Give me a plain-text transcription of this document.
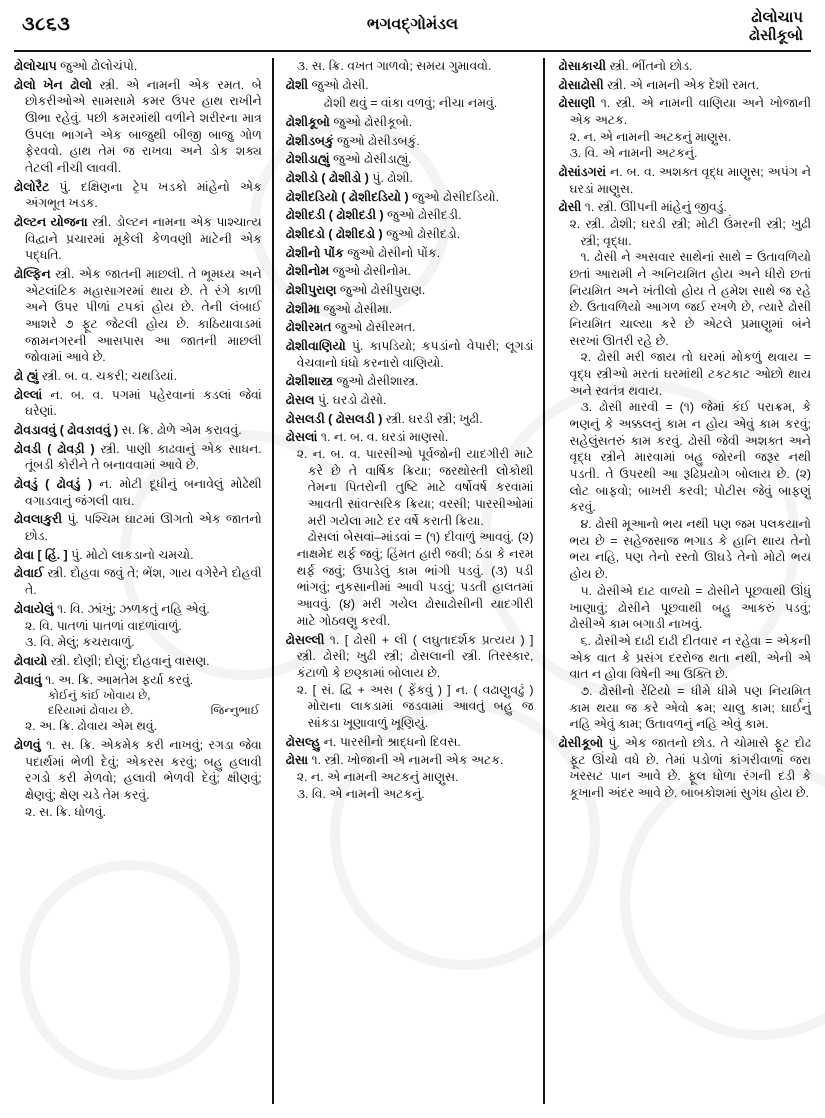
૩૮૬૩	ભગવદ્ગોમંડલ	ઢોલોચાપ
ઢોસીકૂબો

ઢોલોચાપ જુઓ ઢોલોચંપો.

ઢોલો ખેન ઢોલો સ્ત્રી. એ નામની એક રમત. બે છોકરીઓએ સામસામે કમર ઉપર હાથ રાખીને ઊભા રહેવું. પછી કમરમાંથી વળીને શરીરના માત્ર ઉપલા ભાગને એક બાજુથી બીજી બાજુ ગોળ ફેરવવો. હાથ તેમ જ રાખવા અને ડોક શક્ય તેટલી નીચી લાવવી.

ઢોલોરૈટ પું. દક્ષિણના ટ્રેપ ખડકો માંહેનો એક અંગભૂત ખડક.

ઢોલ્ટન યોજના સ્ત્રી. ડોલ્ટન નામના એક પાશ્ચાત્ય વિદ્વાને પ્રચારમાં મૂકેલી કેળવણી માટેની એક પદ્ધતિ.

ઢોલ્ફિન સ્ત્રી. એક જાતની માછલી. તે ભૂમધ્ય અને એટલાંટિક મહાસાગરમાં થાય છે. તે રંગે કાળી અને ઉપર પીળાં ટપકાં હોય છે. તેની લંબાઈ આશરે ૭ ફૂટ જેટલી હોય છે. કાઠિયાવાડમાં જામનગરની આસપાસ આ જાતની માછલી જોવામાં આવે છે.

ઢો હ્યું સ્ત્રી. બ. વ. ચકરી; ચથડિયાં.

ઢોલ્લાં ન. બ. વ. પગમાં પહેરવાનાં કડલાં જેવાં ઘરેણાં.

ઢોવડાવવું ( ઢોવઙાવવું ) સ. ક્રિ. ઢોળે એમ કરાવવું.

ઢોવડી ( ઢોવડ઼ી ) સ્ત્રી. પાણી કાઢવાનું એક સાધન. તૂંબડી કોરીને તે બનાવવામાં આવે છે.

ઢોવડું ( ઢોવડું ) ન. મોટી દૂધીનું બનાવેલું મોઢેથી વગાડવાનું જંગલી વાઘ.

ઢોવલાકુરી પું. પશ્ચિમ ઘાટમાં ઊગતો એક જાતનો છોડ.

ઢોવા [ હિં. ] પું. મોટો લાકડાનો ચમચો.

ઢોવાઈ સ્ત્રી. દોહવા જવું તે; ભેંશ, ગાય વગેરેને દોહવી તે.

ઢોવાયેલું ૧. વિ. ઝાંખું; ઝળકતું નહિ એવું.

૨. વિ. પાતળાં પાતળાં વાદળાંવાળું.

૩. વિ. મેલું; કચરાવાળું.

ઢોવાયો સ્ત્રી. દોણી; દોણું; દોહવાનું વાસણ.

ઢોવાવું ૧. અ. ક્રિ. આમતેમ ફર્યા કરવું.

કોઈનું કાંઈ ખોવાય છે,

જિન્નુભાઈ
દરિયામાં ઢોવાય છે.

૨. અ. ક્રિ. ઢોવાય એમ થવું.

ઢોળવું ૧. સ. ક્રિ. એકમેક કરી નાખવું; રગડા જેવા પદાર્થમાં ભેળી દેવું; એકરસ કરવું; બહુ હલાવી રગડો કરી મેળવો; હલાવી ભેળવી દેવું; ક્ષીણવું; ક્ષેણવું; ક્ષેણ ચડે તેમ કરવું.

૨. સ. ક્રિ. ધોળવું.

૩. સ. ક્રિ. વખત ગાળવો; સમય ગુમાવવો.

ઢોશી જુઓ ઢોસી.

ઢોશી થવું = વાંકા વળવું; નીચા નમવું.

ઢોશીકૂબો જુઓ ઢોસીકૂબો.

ઢોશીડબકું જુઓ ઢોસીડબકું.

ઢોશીડાહ્યું જુઓ ઢોસીડાહ્યું.

ઢોશીડો ( ઢોશીડો ) પું. ઢોશી.

ઢોશીદડિયો ( ઢોશીદડિયો ) જુઓ ઢોસીદડિયો.

ઢોશીદડી ( ઢોશીદડી ) જુઓ ઢોસીદડી.

ઢોશીદડો ( ઢોશીદડો ) જુઓ ઢોસીદડો.

ઢોશીનો પોંક જુઓ ઢોસીનો પોંક.

ઢોશીનોમ જુઓ ઢોસીનોમ.

ઢોશીપુરાણ જુઓ ઢોસીપુરાણ.

ઢોશીમા જુઓ ઢોસીમા.

ઢોશીરમત જુઓ ઢોસીરમત.

ઢોશીવાણિયો પું. કાપડિયો; કપડાંનો વેપારી; લૂગડાં વેચવાનો ધંધો કરનારો વાણિયો.

ઢોશીશાસ્ત્ર જુઓ ઢોસીશાસ્ત્ર.

ઢોસલ પું. ઘરડો ઢોસો.

ઢોસલડી ( ઢોસલડી ) સ્ત્રી. ઘરડી સ્ત્રી; ખુઢી.

ઢોસલાં ૧. ન. બ. વ. ઘરડાં માણસો.

૨. ન. બ. વ. પારસીઓ પૂર્વજોની યાદગીરી માટે કરે છે તે વાર્ષિક ક્રિયા; જરથોસ્તી લોકોથી તેમના પિતરોની તુષ્ટિ માટે વર્ષોવર્ષ કરવામાં આવતી સાંવત્સરિક ક્રિયા; વરસી; પારસીઓમાં મરી ગયેલા માટે દર વર્ષે કરાતી ક્રિયા.

ઢોસલાં બેસવાં–માંડવાં = (૧) દીવાળું આવવું. (૨) નાક્ષમેદ થર્ફ જવું; હિંમત હારી જવી; ઠંડા કે નરમ થર્ફ જવું; ઉપાડેલું કામ ભાંગી પડવું. (૩) પડી ભાંગવું; નુકસાનીમાં આવી પડવું; પડતી હાલતમાં આવવું. (૪) મરી ગયેલ ઢોસાઢોસીની યાદગીરી માટે ગોઠવણુ કરવી.

ઢોસલ્લી ૧. [ ઢોસી + લી ( લઘુતાદર્શક પ્રત્યય ) ] સ્ત્રી. ઢોસી; ખુઢી સ્ત્રી; ઢોસલાની સ્ત્રી. તિરસ્કાર, કંટાળો કે છણ્કામાં બોલાય છે.

૨. [ સં. દ્વિ + અસ ( ફેંકવું ) ] ન. ( વઢાણુવઢું ) મોરાના લાકડામાં જડવામાં આવતું બહુ જ સાંકડા ખૂણાવાળું ખૂણિયું.

ઢોસલ્હુ ન. પારસીનો શ્રાદ્ધનો દિવસ.

ઢોસા ૧. સ્ત્રી. ખોજાની એ નામની એક અટક.

૨. ન. એ નામની અટકનું માણુસ.

૩. વિ. એ નામની અટકનું.

ઢોસાકાચી સ્ત્રી. ભીંતનો છોડ.

ઢોસાઢોસી સ્ત્રી. એ નામની એક દેશી રમત.

ઢોસાણી ૧. સ્ત્રી. એ નામની વાણિયા અને ખોજાની એક અટક.

૨. ન. એ નામની અટકનું માણુસ.

૩. વિ. એ નામની અટકનું.

ઢોસાંડગરાં ન. બ. વ. અશક્ત વૃદ્ધ માણુસ; અપંગ ને ઘરડાં માણુસ.

ઢોસી ૧. સ્ત્રી. ઊીપની માંહેનું જીવડું.

૨. સ્ત્રી. ઢોશી; ઘરડી સ્ત્રી; મોટી ઉંમરની સ્ત્રી; ખુઢી સ્ત્રી; વૃદ્ધા.

૧. ઢોસી ને અસવાર સાથેનાં સાથે = ઉતાવળિયો છતાં આરામી ને અનિયમિત હોય અને ધીરો છતાં નિયમિત અને ખંતીલો હોય તે હમેશ સાથે જ રહે છે. ઉતાવળિયો આગળ જઈ રખળે છે, ત્યારે ઢોસી નિયમિત ચાલ્યા કરે છે એટલે પ્રમાણુમાં બંને સરખાં ઊતરી રહે છે.

૨. ઢોસી મરી જાય તો ઘરમાં મોકળું થવાય = વૃદ્ધ સ્ત્રીઓ મરતાં ઘરમાંથી ટકટકાટ ઓછો થાય અને સ્વતંત્ર થવાય.

૩. ઢોસી મારવી = (૧) જેમાં કંઈ પરાક્રમ, કે ભણનું કે અક્કલનું કામ ન હોય એવું કામ કરવું; સહેલુંસતરું કામ કરવું. ઢોસી જેવી અશક્ત અને વૃદ્ધ સ્ત્રીને મારવામાં બહુ જોરની જરૂર નથી પડતી. તે ઉપરથી આ રૂઢિપ્રયોગ બોલાય છે. (૨) લોટ બાફવો; બાખરી કરવી; પોટીસ જેવું બાફણું કરવું.

૪. ઢોસી મૂઆનો ભય નથી પણ જમ પલકયાનો ભય છે = સહેજસાજ ભગાડ કે હાનિ થાય તેનો ભય નહિ, પણ તેનો રસ્તો ઊઘડે તેનો મોટો ભય હોય છે.

૫. ઢોસીએ દાટ વાળ્યો = ઢોસીને પૂછવાથી ઊંધું ખાણાવું; ઢોસીને પૂછવાથી બહુ આકરું પડવું; ઢોસીએ કામ બગાડી નાખવું.

૬. ઢોસીએ દાઢી દાઢી દીતવાર ન રહેવા = એકની એક વાત કે પ્રસંગ દરરોજ થતા નથી, એની એ વાત ન હોવા વિષેની આ ઉક્તિ છે.

૭. ઢોસીનો રેંટિયો = ધીમે ધીમે પણ નિયમિત કામ થયા જ કરે એવો ક્રમ; ચાલુ કામ; ઘાર્ઈનું નહિ એવું કામ; ઉતાવળનું નહિ એવું કામ.

ઢોસીકૂબો પું. એક જાતનો છોડ. તે ચોમાસે ફૂટ દોઢ ફૂટ ઊંચો વધે છે. તેમાં પડોળાં કાંગરીવાળાં જરા ખરસટ પાન આવે છે. ફૂલ ધોળા રંગની દડી કે કૂખાની અંદર આવે છે. બાબકોશમાં સુગંધ હોય છે.
